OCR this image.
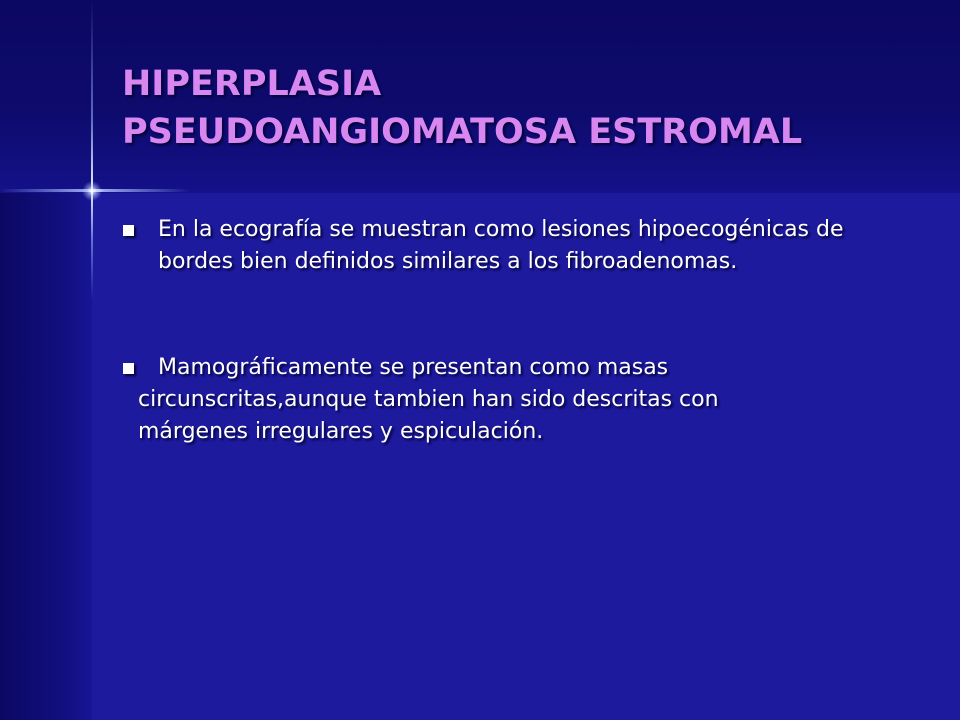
HIPERPLASIA
PSEUDOANGIOMATOSA ESTROMAL
En la ecografía se muestran como lesiones hipoecogénicas de
bordes bien definidos similares a los fibroadenomas.
Mamográficamente se presentan como masas
circunscritas,aunque tambien han sido descritas con
márgenes irregulares y espiculación.
